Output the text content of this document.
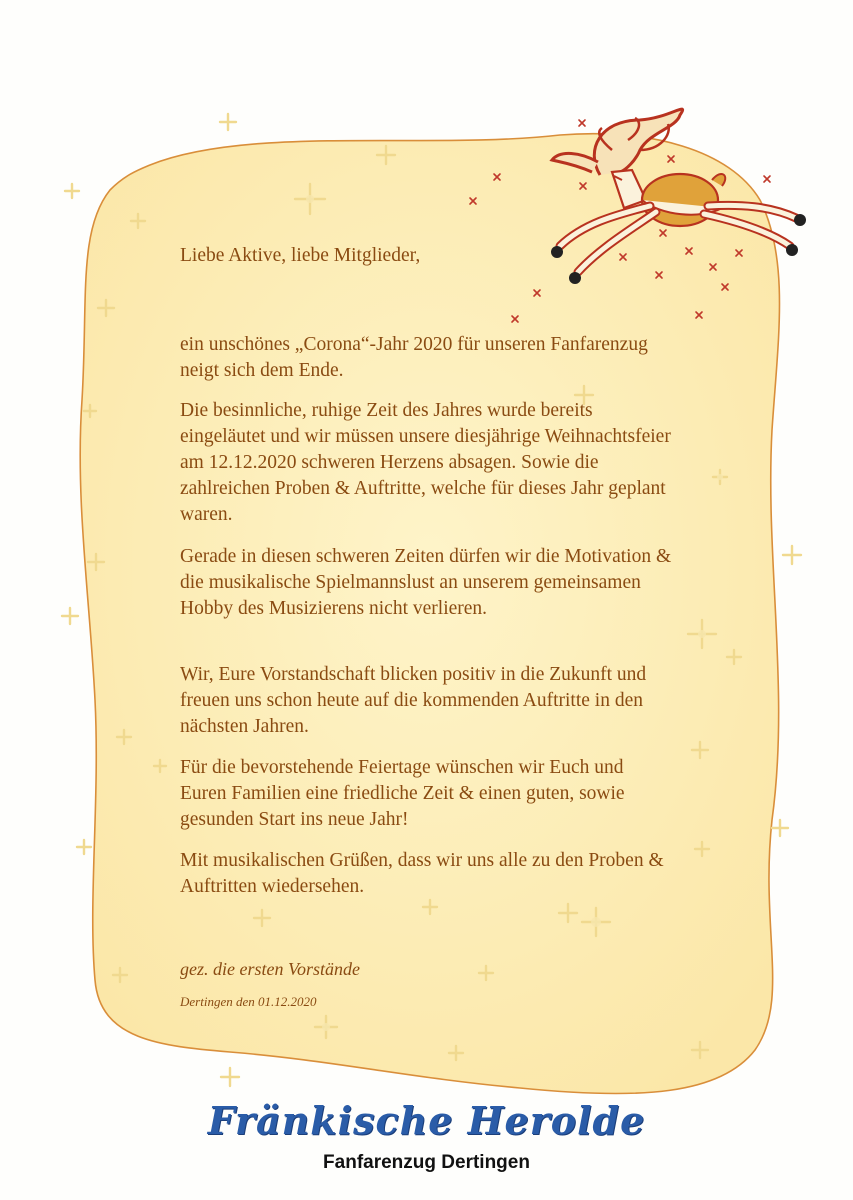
Liebe Aktive, liebe Mitglieder,

ein unschönes „Corona“-Jahr 2020 für unseren Fanfarenzug neigt sich dem Ende.

Die besinnliche, ruhige Zeit des Jahres wurde bereits eingeläutet und wir müssen unsere diesjährige Weihnachtsfeier am 12.12.2020 schweren Herzens absagen. Sowie die zahlreichen Proben & Auftritte, welche für dieses Jahr geplant waren.

Gerade in diesen schweren Zeiten dürfen wir die Motivation & die musikalische Spielmannslust an unserem gemeinsamen Hobby des Musizierens nicht verlieren.

Wir, Eure Vorstandschaft blicken positiv in die Zukunft und freuen uns schon heute auf die kommenden Auftritte in den nächsten Jahren.

Für die bevorstehende Feiertage wünschen wir Euch und Euren Familien eine friedliche Zeit & einen guten, sowie gesunden Start ins neue Jahr!

Mit musikalischen Grüßen, dass wir uns alle zu den Proben & Auftritten wiedersehen.

gez. die ersten Vorstände

Dertingen den 01.12.2020

Fränkische Herolde
Fanfarenzug Dertingen
